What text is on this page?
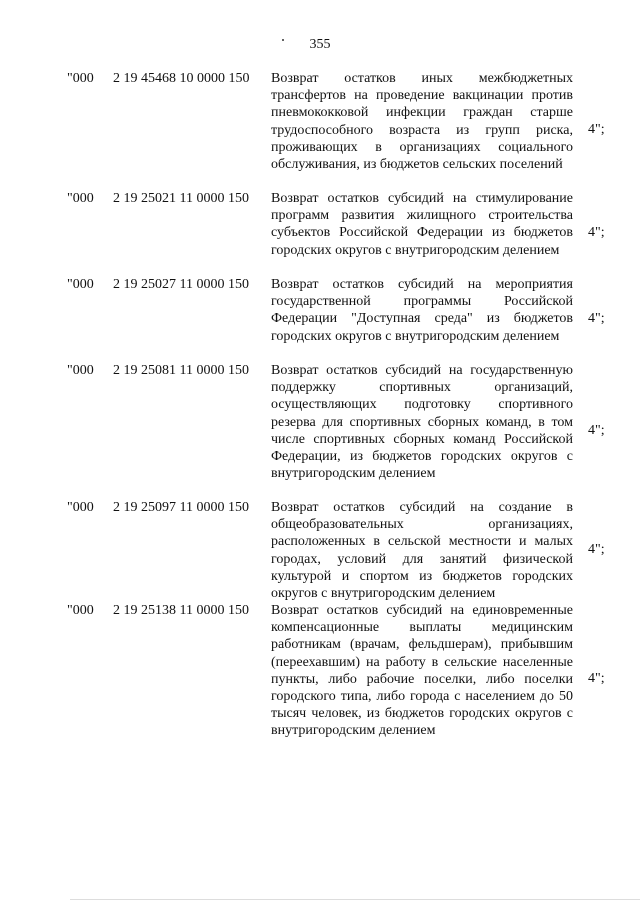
355
"000 2 19 45468 10 0000 150 Возврат остатков иных межбюджетных трансфертов на проведение вакцинации против пневмококковой инфекции граждан старше трудоспособного возраста из групп риска, проживающих в организациях социального обслуживания, из бюджетов сельских поселений
4";
"000 2 19 25021 11 0000 150 Возврат остатков субсидий на стимулирование программ развития жилищного строительства субъектов Российской Федерации из бюджетов городских округов с внутригородским делением
4";
"000 2 19 25027 11 0000 150 Возврат остатков субсидий на мероприятия государственной программы Российской Федерации "Доступная среда" из бюджетов городских округов с внутригородским делением
4";
"000 2 19 25081 11 0000 150 Возврат остатков субсидий на государственную поддержку спортивных организаций, осуществляющих подготовку спортивного резерва для спортивных сборных команд, в том числе спортивных сборных команд Российской Федерации, из бюджетов городских округов с внутригородским делением
4";
"000 2 19 25097 11 0000 150 Возврат остатков субсидий на создание в общеобразовательных организациях, расположенных в сельской местности и малых городах, условий для занятий физической культурой и спортом из бюджетов городских округов с внутригородским делением
4";
"000 2 19 25138 11 0000 150 Возврат остатков субсидий на единовременные компенсационные выплаты медицинским работникам (врачам, фельдшерам), прибывшим (переехавшим) на работу в сельские населенные пункты, либо рабочие поселки, либо поселки городского типа, либо города с населением до 50 тысяч человек, из бюджетов городских округов с внутригородским делением
4";
